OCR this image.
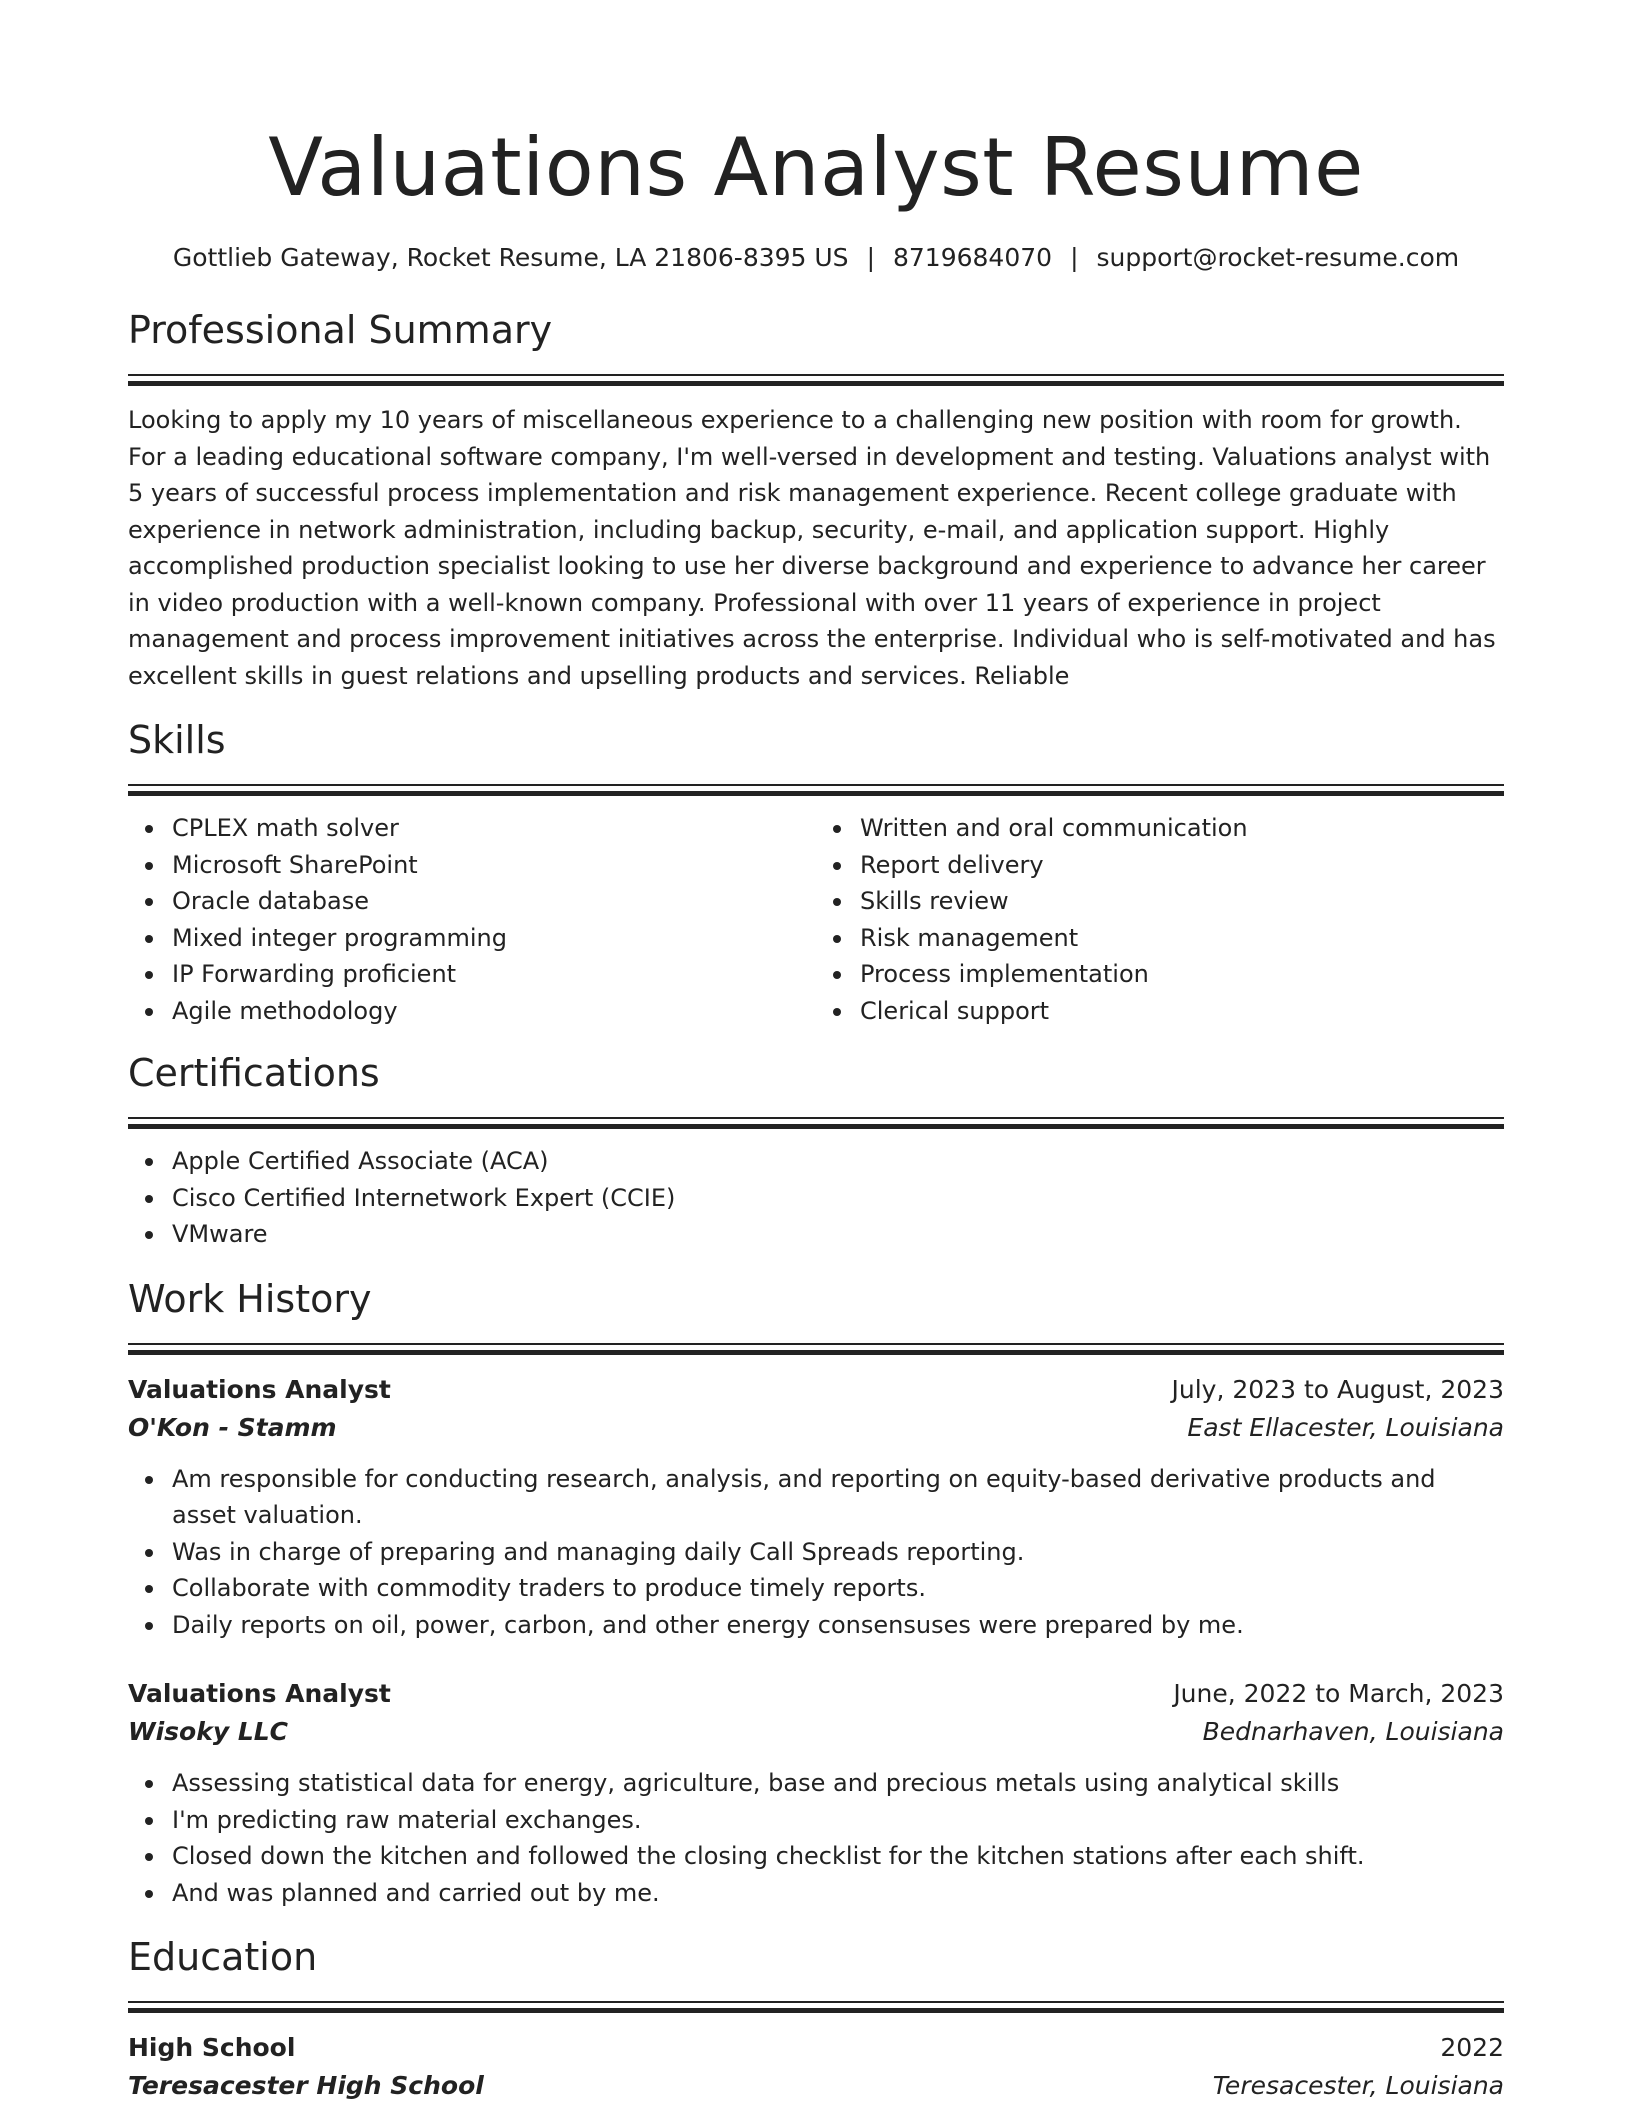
Valuations Analyst Resume
Gottlieb Gateway, Rocket Resume, LA 21806-8395 US | 8719684070 | support@rocket-resume.com
Professional Summary
Looking to apply my 10 years of miscellaneous experience to a challenging new position with room for growth. For a leading educational software company, I'm well-versed in development and testing. Valuations analyst with 5 years of successful process implementation and risk management experience. Recent college graduate with experience in network administration, including backup, security, e-mail, and application support. Highly accomplished production specialist looking to use her diverse background and experience to advance her career in video production with a well-known company. Professional with over 11 years of experience in project management and process improvement initiatives across the enterprise. Individual who is self-motivated and has excellent skills in guest relations and upselling products and services. Reliable
Skills
CPLEX math solver
Microsoft SharePoint
Oracle database
Mixed integer programming
IP Forwarding proficient
Agile methodology
Written and oral communication
Report delivery
Skills review
Risk management
Process implementation
Clerical support
Certifications
Apple Certified Associate (ACA)
Cisco Certified Internetwork Expert (CCIE)
VMware
Work History
Valuations Analyst	July, 2023 to August, 2023
O'Kon - Stamm	East Ellacester, Louisiana
Am responsible for conducting research, analysis, and reporting on equity-based derivative products and asset valuation.
Was in charge of preparing and managing daily Call Spreads reporting.
Collaborate with commodity traders to produce timely reports.
Daily reports on oil, power, carbon, and other energy consensuses were prepared by me.
Valuations Analyst	June, 2022 to March, 2023
Wisoky LLC	Bednarhaven, Louisiana
Assessing statistical data for energy, agriculture, base and precious metals using analytical skills
I'm predicting raw material exchanges.
Closed down the kitchen and followed the closing checklist for the kitchen stations after each shift.
And was planned and carried out by me.
Education
High School	2022
Teresacester High School	Teresacester, Louisiana
